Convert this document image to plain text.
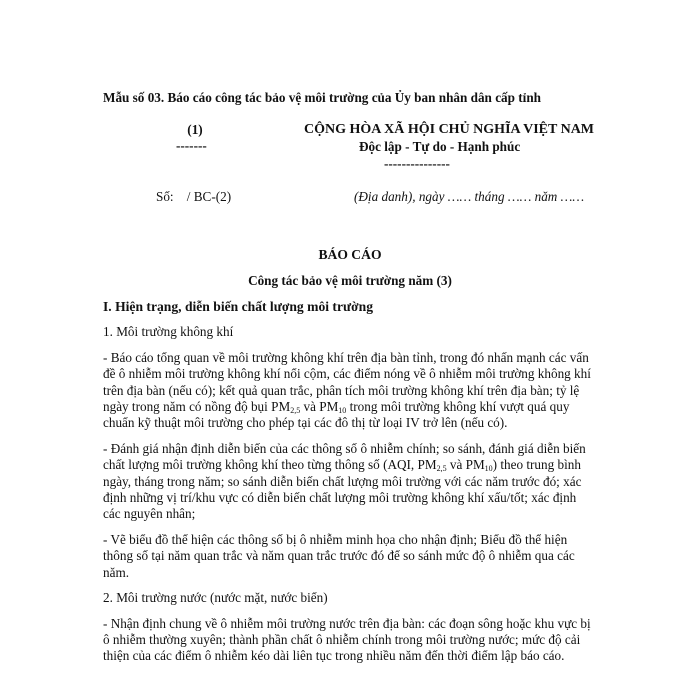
Mẫu số 03. Báo cáo công tác bảo vệ môi trường của Ủy ban nhân dân cấp tỉnh
(1)
-------
CỘNG HÒA XÃ HỘI CHỦ NGHĨA VIỆT NAM
Độc lập - Tự do - Hạnh phúc
---------------
Số: / BC-(2)	(Địa danh), ngày …… tháng …… năm ……
BÁO CÁO
Công tác bảo vệ môi trường năm (3)

I. Hiện trạng, diễn biến chất lượng môi trường

1. Môi trường không khí

- Báo cáo tổng quan về môi trường không khí trên địa bàn tỉnh, trong đó nhấn mạnh các vấn đề ô nhiễm môi trường không khí nổi cộm, các điểm nóng về ô nhiễm môi trường không khí trên địa bàn (nếu có); kết quả quan trắc, phân tích môi trường không khí trên địa bàn; tỷ lệ ngày trong năm có nồng độ bụi $PM_{2,5}$ và $PM_{10}$ trong môi trường không khí vượt quá quy chuẩn kỹ thuật môi trường cho phép tại các đô thị từ loại IV trở lên (nếu có).

- Đánh giá nhận định diễn biến của các thông số ô nhiễm chính; so sánh, đánh giá diễn biến chất lượng môi trường không khí theo từng thông số (AQI, $PM_{2,5}$ và $PM_{10}$) theo trung bình ngày, tháng trong năm; so sánh diễn biến chất lượng môi trường với các năm trước đó; xác định những vị trí/khu vực có diễn biến chất lượng môi trường không khí xấu/tốt; xác định các nguyên nhân;

- Vẽ biểu đồ thể hiện các thông số bị ô nhiễm minh họa cho nhận định; Biểu đồ thể hiện thông số tại năm quan trắc và năm quan trắc trước đó để so sánh mức độ ô nhiễm qua các năm.

2. Môi trường nước (nước mặt, nước biển)

- Nhận định chung về ô nhiễm môi trường nước trên địa bàn: các đoạn sông hoặc khu vực bị ô nhiễm thường xuyên; thành phần chất ô nhiễm chính trong môi trường nước; mức độ cải thiện của các điểm ô nhiễm kéo dài liên tục trong nhiều năm đến thời điểm lập báo cáo.
